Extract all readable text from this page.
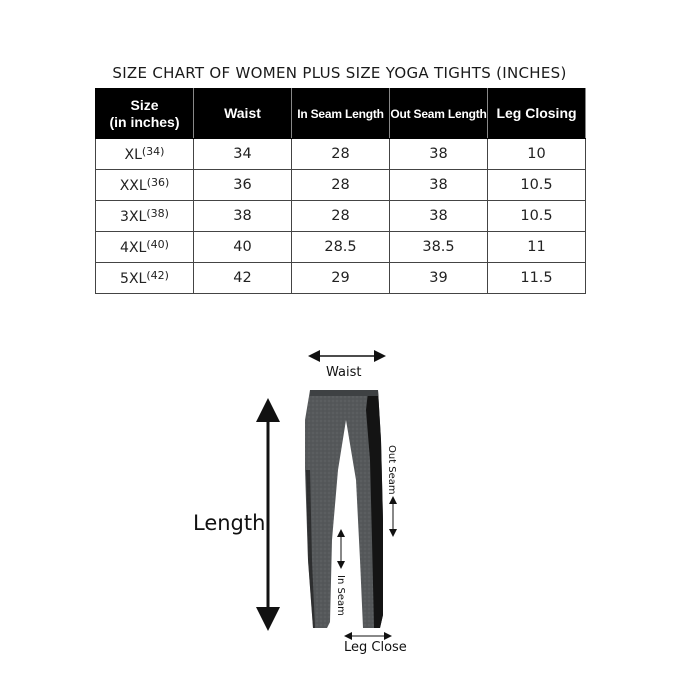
SIZE CHART OF WOMEN PLUS SIZE YOGA TIGHTS (INCHES)
Size
(in inches)	Waist	In Seam Length	Out Seam Length	Leg Closing
XL$^{(34)}$	34	28	38	10
XXL$^{(36)}$	36	28	38	10.5
3XL$^{(38)}$	38	28	38	10.5
4XL$^{(40)}$	40	28.5	38.5	11
5XL$^{(42)}$	42	29	39	11.5
Out Seam
In Seam
Waist
Length
Leg Close
